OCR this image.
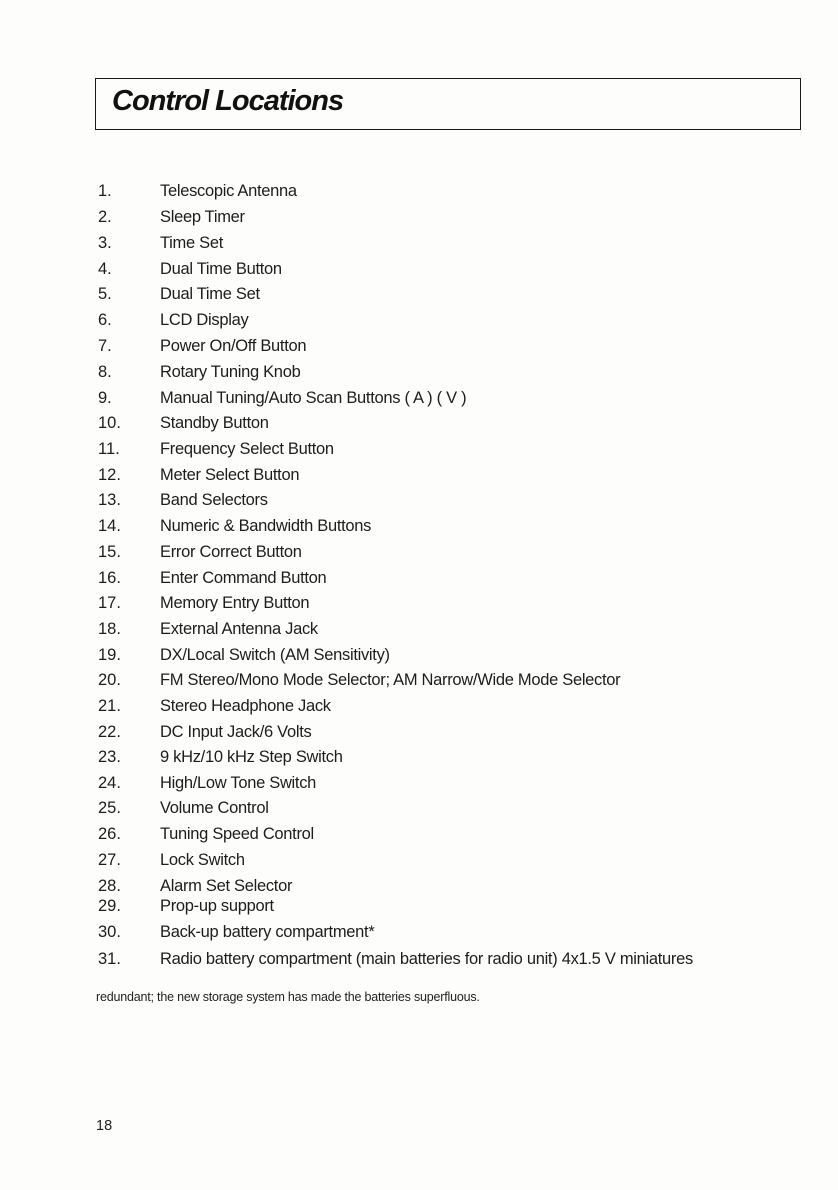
Control Locations
1.	Telescopic Antenna
2.	Sleep Timer
3.	Time Set
4.	Dual Time Button
5.	Dual Time Set
6.	LCD Display
7.	Power On/Off Button
8.	Rotary Tuning Knob
9.	Manual Tuning/Auto Scan Buttons ( A ) ( V )
10. Standby Button
11. Frequency Select Button
12. Meter Select Button
13. Band Selectors
14. Numeric & Bandwidth Buttons
15. Error Correct Button
16. Enter Command Button
17. Memory Entry Button
18. External Antenna Jack
19. DX/Local Switch (AM Sensitivity)
20. FM Stereo/Mono Mode Selector; AM Narrow/Wide Mode Selector
21. Stereo Headphone Jack
22. DC Input Jack/6 Volts
23. 9 kHz/10 kHz Step Switch
24. High/Low Tone Switch
25. Volume Control
26. Tuning Speed Control
27. Lock Switch
28. Alarm Set Selector
29. Prop-up support
30. Back-up battery compartment*
31. Radio battery compartment (main batteries for radio unit) 4x1.5 V miniatures
redundant; the new storage system has made the batteries superfluous.
18
